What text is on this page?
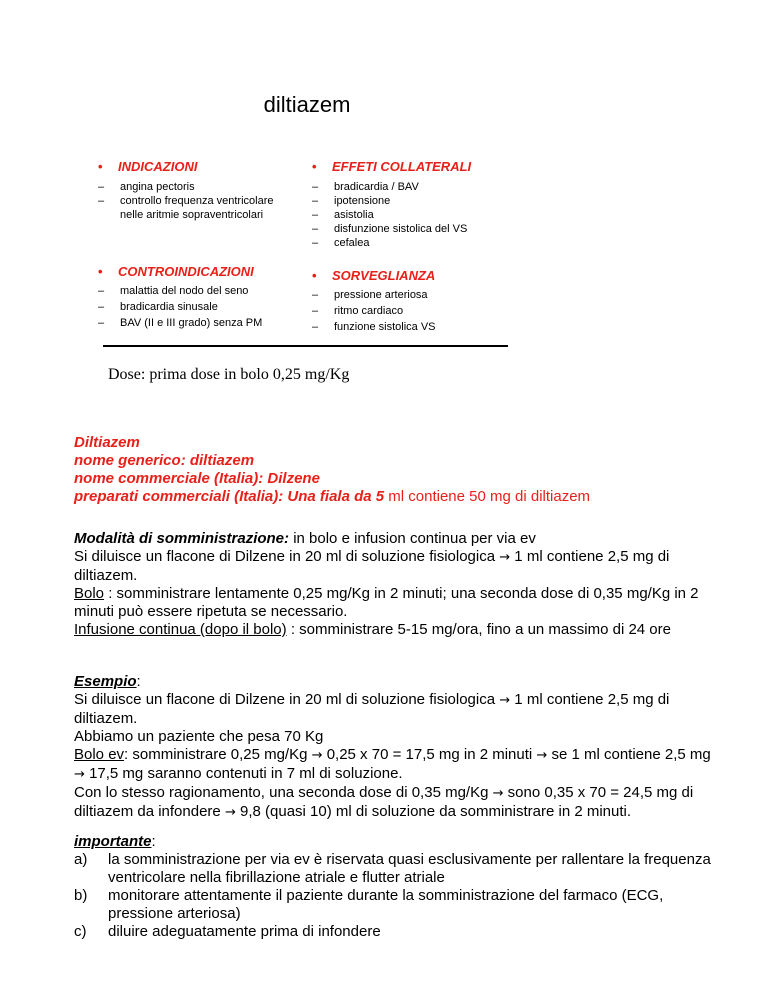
diltiazem
• INDICAZIONI
– angina pectoris
– controllo frequenza ventricolare nelle aritmie sopraventricolari
• EFFETI COLLATERALI
– bradicardia / BAV
– ipotensione
– asistolia
– disfunzione sistolica del VS
– cefalea
• CONTROINDICAZIONI
– malattia del nodo del seno
– bradicardia sinusale
– BAV (II e III grado) senza PM
• SORVEGLIANZA
– pressione arteriosa
– ritmo cardiaco
– funzione sistolica VS
Dose: prima dose in bolo 0,25 mg/Kg
Diltiazem
nome generico: diltiazem
nome commerciale (Italia): Dilzene
preparati commerciali (Italia): Una fiala da 5 ml contiene 50 mg di diltiazem
Modalità di somministrazione: in bolo e infusion continua per via ev
Si diluisce un flacone di Dilzene in 20 ml di soluzione fisiologica → 1 ml contiene 2,5 mg di diltiazem.
Bolo : somministrare lentamente 0,25 mg/Kg in 2 minuti; una seconda dose di 0,35 mg/Kg in 2 minuti può essere ripetuta se necessario.
Infusione continua (dopo il bolo) : somministrare 5-15 mg/ora, fino a un massimo di 24 ore
Esempio:
Si diluisce un flacone di Dilzene in 20 ml di soluzione fisiologica → 1 ml contiene 2,5 mg di diltiazem.
Abbiamo un paziente che pesa 70 Kg
Bolo ev: somministrare 0,25 mg/Kg → 0,25 x 70 = 17,5 mg in 2 minuti → se 1 ml contiene 2,5 mg → 17,5 mg saranno contenuti in 7 ml di soluzione.
Con lo stesso ragionamento, una seconda dose di 0,35 mg/Kg → sono 0,35 x 70 = 24,5 mg di diltiazem da infondere → 9,8 (quasi 10) ml di soluzione da somministrare in 2 minuti.
importante:
a) la somministrazione per via ev è riservata quasi esclusivamente per rallentare la frequenza ventricolare nella fibrillazione atriale e flutter atriale
b) monitorare attentamente il paziente durante la somministrazione del farmaco (ECG, pressione arteriosa)
c) diluire adeguatamente prima di infondere
